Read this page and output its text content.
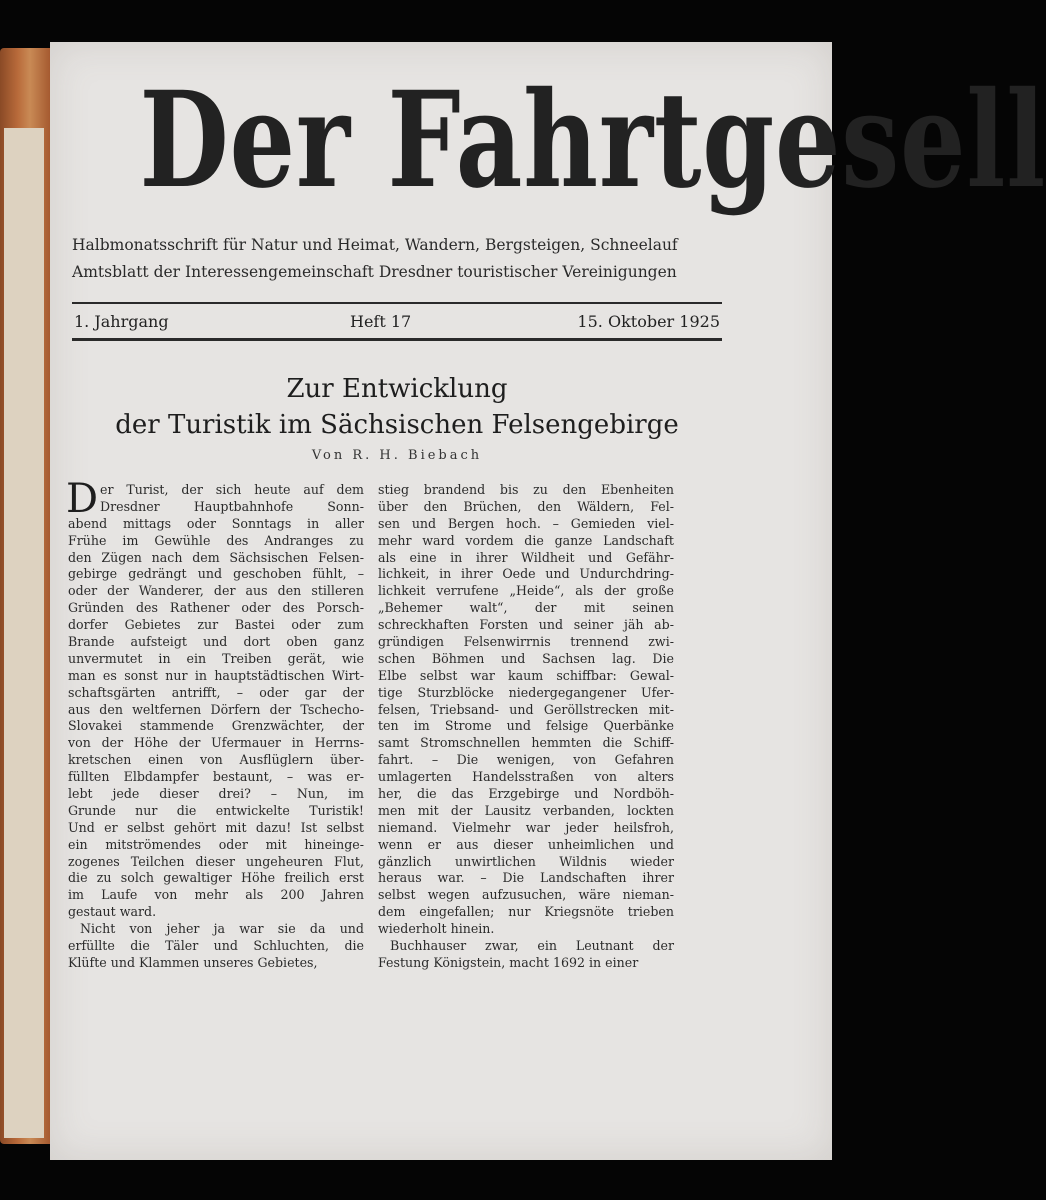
Der Fahrtgesell
Halbmonatsschrift für Natur und Heimat, Wandern, Bergsteigen, Schneelauf
Amtsblatt der Interessengemeinschaft Dresdner touristischer Vereinigungen
1. Jahrgang	Heft 17	15. Oktober 1925
Zur Entwicklung
der Turistik im Sächsischen Felsengebirge
Von R. H. Biebach
D er Turist, der sich heute auf dem
Dresdner Hauptbahnhofe Sonn-
abend mittags oder Sonntags in aller
Frühe im Gewühle des Andranges zu
den Zügen nach dem Sächsischen Felsen-
gebirge gedrängt und geschoben fühlt, –
oder der Wanderer, der aus den stilleren
Gründen des Rathener oder des Porsch-
dorfer Gebietes zur Bastei oder zum
Brande aufsteigt und dort oben ganz
unvermutet in ein Treiben gerät, wie
man es sonst nur in hauptstädtischen Wirt-
schaftsgärten antrifft, – oder gar der
aus den weltfernen Dörfern der Tschecho-
Slovakei stammende Grenzwächter, der
von der Höhe der Ufermauer in Herrns-
kretschen einen von Ausflüglern über-
füllten Elbdampfer bestaunt, – was er-
lebt jede dieser drei? – Nun, im
Grunde nur die entwickelte Turistik!
Und er selbst gehört mit dazu! Ist selbst
ein mitströmendes oder mit hineinge-
zogenes Teilchen dieser ungeheuren Flut,
die zu solch gewaltiger Höhe freilich erst
im Laufe von mehr als 200 Jahren
gestaut ward.
Nicht von jeher ja war sie da und
erfüllte die Täler und Schluchten, die
Klüfte und Klammen unseres Gebietes,
stieg brandend bis zu den Ebenheiten
über den Brüchen, den Wäldern, Fel-
sen und Bergen hoch. – Gemieden viel-
mehr ward vordem die ganze Landschaft
als eine in ihrer Wildheit und Gefähr-
lichkeit, in ihrer Oede und Undurchdring-
lichkeit verrufene „Heide“, als der große
„Behemer walt“, der mit seinen
schreckhaften Forsten und seiner jäh ab-
gründigen Felsenwirrnis trennend zwi-
schen Böhmen und Sachsen lag. Die
Elbe selbst war kaum schiffbar: Gewal-
tige Sturzblöcke niedergegangener Ufer-
felsen, Triebsand- und Geröllstrecken mit-
ten im Strome und felsige Querbänke
samt Stromschnellen hemmten die Schiff-
fahrt. – Die wenigen, von Gefahren
umlagerten Handelsstraßen von alters
her, die das Erzgebirge und Nordböh-
men mit der Lausitz verbanden, lockten
niemand. Vielmehr war jeder heilsfroh,
wenn er aus dieser unheimlichen und
gänzlich unwirtlichen Wildnis wieder
heraus war. – Die Landschaften ihrer
selbst wegen aufzusuchen, wäre nieman-
dem eingefallen; nur Kriegsnöte trieben
wiederholt hinein.
Buchhauser zwar, ein Leutnant der
Festung Königstein, macht 1692 in einer
